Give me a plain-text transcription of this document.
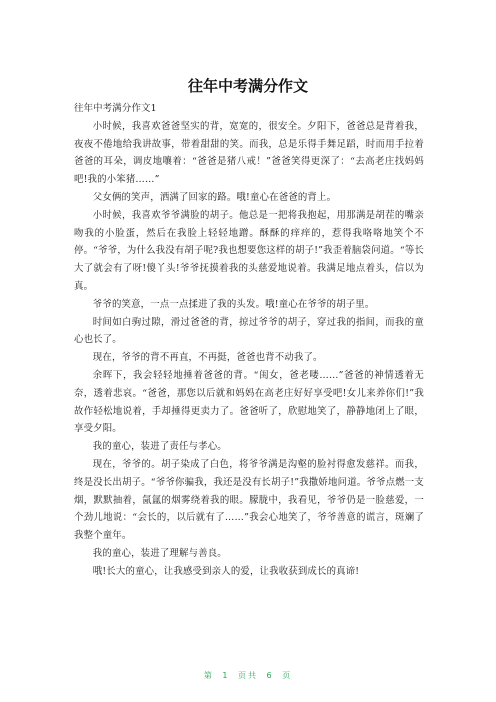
往年中考满分作文

往年中考满分作文1

小时候，我喜欢爸爸坚实的背，宽宽的，很安全。夕阳下，爸爸总是背着我，夜夜不倦地给我讲故事，带着甜甜的笑。而我，总是乐得手舞足蹈，时而用手拉着爸爸的耳朵，调皮地嚷着：“爸爸是猪八戒！”爸爸笑得更深了：“去高老庄找妈妈吧!我的小笨猪……”

父女俩的笑声，洒满了回家的路。哦!童心在爸爸的背上。

小时候，我喜欢爷爷满脸的胡子。他总是一把将我抱起，用那满是胡茬的嘴亲吻我的小脸蛋，然后在我脸上轻轻地蹭。酥酥的痒痒的，惹得我咯咯地笑个不停。“爷爷，为什么我没有胡子呢?我也想要您这样的胡子!”我歪着脑袋问道。“等长大了就会有了呀!傻丫头!爷爷抚摸着我的头慈爱地说着。我满足地点着头，信以为真。

爷爷的笑意，一点一点揉进了我的头发。哦!童心在爷爷的胡子里。

时间如白驹过隙，滑过爸爸的背，掠过爷爷的胡子，穿过我的指间，而我的童心也长了。

现在，爷爷的背不再直，不再挺，爸爸也背不动我了。

余晖下，我会轻轻地捶着爸爸的背。“闺女，爸老喽……”爸爸的神情透着无奈，透着悲哀。“爸爸，那您以后就和妈妈在高老庄好好享受吧!女儿来养你们!”我故作轻松地说着，手却捶得更卖力了。爸爸听了，欣慰地笑了，静静地闭上了眼，享受夕阳。

我的童心，装进了责任与孝心。

现在，爷爷的。胡子染成了白色，将爷爷满是沟壑的脸衬得愈发慈祥。而我，终是没长出胡子。“爷爷你骗我，我还是没有长胡子!”我撒娇地问道。爷爷点燃一支烟，默默抽着，氤氲的烟雾绕着我的眼。朦胧中，我看见，爷爷仍是一脸慈爱，一个劲儿地说：“会长的，以后就有了……”我会心地笑了，爷爷善意的谎言，斑斓了我整个童年。

我的童心，装进了理解与善良。

哦!长大的童心，让我感受到亲人的爱，让我收获到成长的真谛!

第 1 页共 6 页
